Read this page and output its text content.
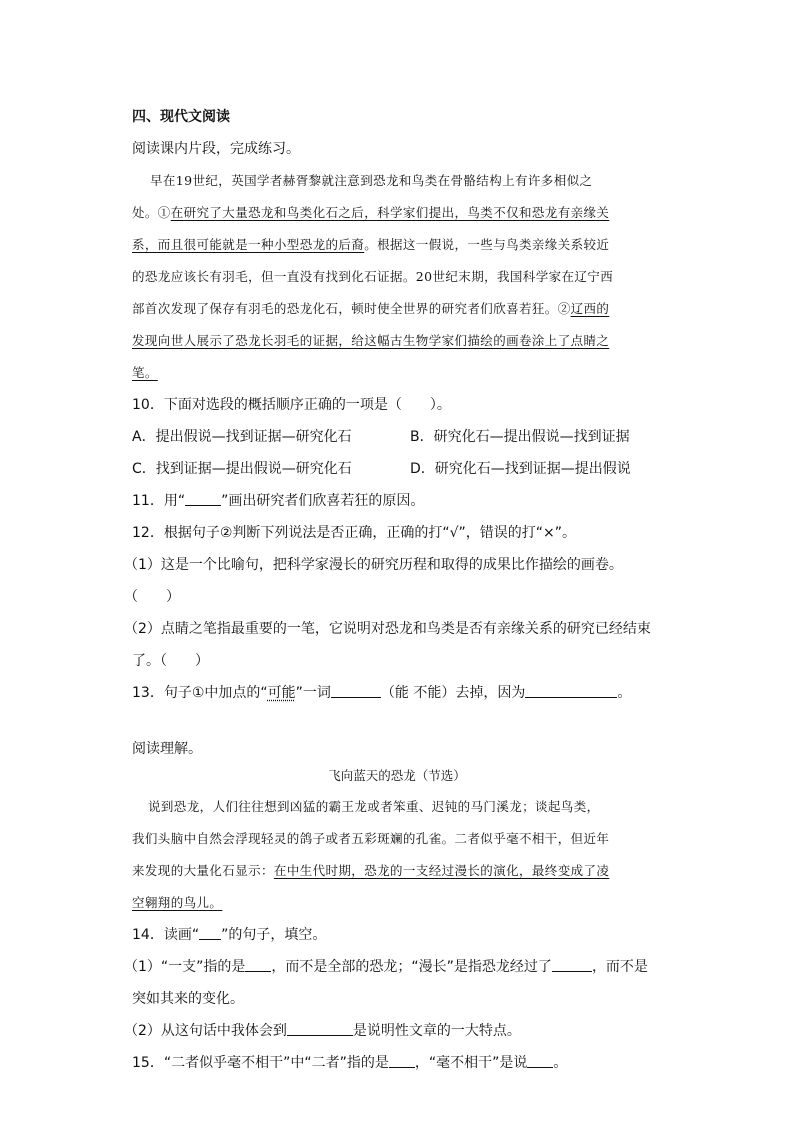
四、现代文阅读
阅读课内片段，完成练习。
早在19世纪，英国学者赫胥黎就注意到恐龙和鸟类在骨骼结构上有许多相似之
处。①在研究了大量恐龙和鸟类化石之后，科学家们提出，鸟类不仅和恐龙有亲缘关
系，而且很可能就是一种小型恐龙的后裔。根据这一假说，一些与鸟类亲缘关系较近
的恐龙应该长有羽毛，但一直没有找到化石证据。20世纪末期，我国科学家在辽宁西
部首次发现了保存有羽毛的恐龙化石，顿时使全世界的研究者们欣喜若狂。②辽西的
发现向世人展示了恐龙长羽毛的证据，给这幅古生物学家们描绘的画卷涂上了点睛之
笔。
10．下面对选段的概括顺序正确的一项是（　　）。
A．提出假说—找到证据—研究化石	B．研究化石—提出假说—找到证据
C．找到证据—提出假说—研究化石	D．研究化石—找到证据—提出假说
11．用“	”画出研究者们欣喜若狂的原因。
12．根据句子②判断下列说法是否正确，正确的打“√”，错误的打“×”。
（1）这是一个比喻句，把科学家漫长的研究历程和取得的成果比作描绘的画卷。
（　　）
（2）点睛之笔指最重要的一笔，它说明对恐龙和鸟类是否有亲缘关系的研究已经结束
了。（　　）
13．句子①中加点的“可能”一词	（能 不能）去掉，因为	。
阅读理解。
飞向蓝天的恐龙（节选）
说到恐龙，人们往往想到凶猛的霸王龙或者笨重、迟钝的马门溪龙；谈起鸟类，
我们头脑中自然会浮现轻灵的鸽子或者五彩斑斓的孔雀。二者似乎毫不相干，但近年
来发现的大量化石显示：在中生代时期，恐龙的一支经过漫长的演化，最终变成了凌
空翱翔的鸟儿。
14．读画“ ”的句子，填空。
（1）“一支”指的是 ，而不是全部的恐龙；“漫长”是指恐龙经过了	，而不是
突如其来的变化。
（2）从这句话中我体会到	是说明性文章的一大特点。
15．“二者似乎毫不相干”中“二者”指的是 ，“毫不相干”是说 。
